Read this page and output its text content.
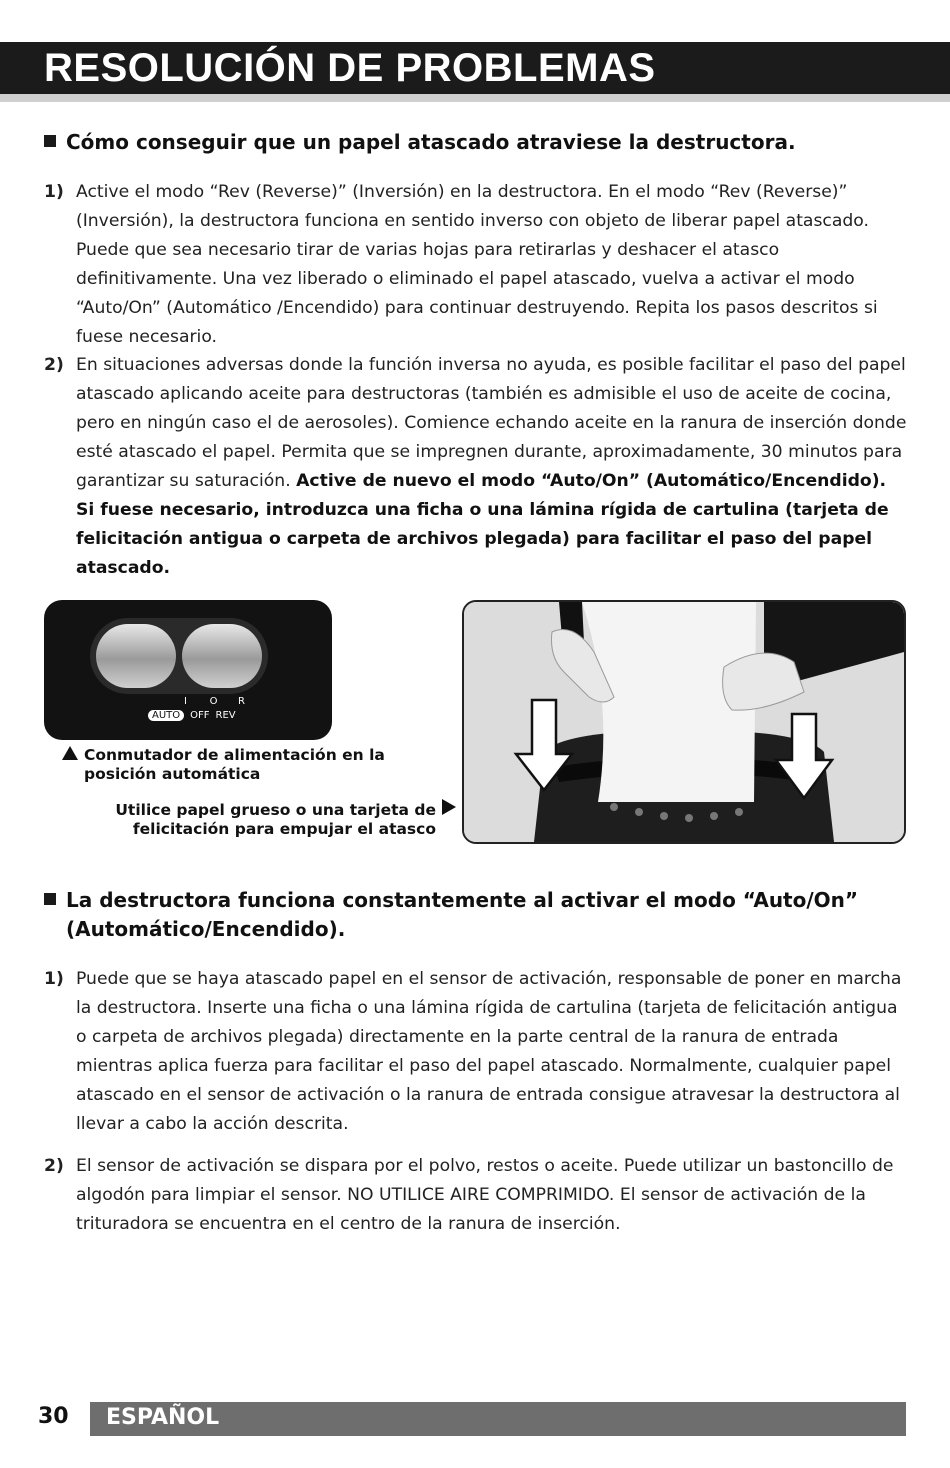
RESOLUCIÓN DE PROBLEMAS
Cómo conseguir que un papel atascado atraviese la destructora.
1) Active el modo “Rev (Reverse)” (Inversión) en la destructora. En el modo “Rev (Reverse)” (Inversión), la destructora funciona en sentido inverso con objeto de liberar papel atascado. Puede que sea necesario tirar de varias hojas para retirarlas y deshacer el atasco definitivamente. Una vez liberado o eliminado el papel atascado, vuelva a activar el modo “Auto/On” (Automático /Encendido) para continuar destruyendo. Repita los pasos descritos si fuese necesario.
2) En situaciones adversas donde la función inversa no ayuda, es posible facilitar el paso del papel atascado aplicando aceite para destructoras (también es admisible el uso de aceite de cocina, pero en ningún caso el de aerosoles). Comience echando aceite en la ranura de inserción donde esté atascado el papel. Permita que se impregnen durante, aproximadamente, 30 minutos para garantizar su saturación. Active de nuevo el modo “Auto/On” (Automático/Encendido). Si fuese necesario, introduzca una ficha o una lámina rígida de cartulina (tarjeta de felicitación antigua o carpeta de archivos plegada) para facilitar el paso del papel atascado.
I O R
AUTO OFF REV
Conmutador de alimentación en la
posición automática
Utilice papel grueso o una tarjeta de
felicitación para empujar el atasco
La destructora funciona constantemente al activar el modo “Auto/On”
(Automático/Encendido).
1) Puede que se haya atascado papel en el sensor de activación, responsable de poner en marcha la destructora. Inserte una ficha o una lámina rígida de cartulina (tarjeta de felicitación antigua o carpeta de archivos plegada) directamente en la parte central de la ranura de entrada mientras aplica fuerza para facilitar el paso del papel atascado. Normalmente, cualquier papel atascado en el sensor de activación o la ranura de entrada consigue atravesar la destructora al llevar a cabo la acción descrita.
2) El sensor de activación se dispara por el polvo, restos o aceite. Puede utilizar un bastoncillo de algodón para limpiar el sensor. NO UTILICE AIRE COMPRIMIDO. El sensor de activación de la trituradora se encuentra en el centro de la ranura de inserción.
30 ESPAÑOL
